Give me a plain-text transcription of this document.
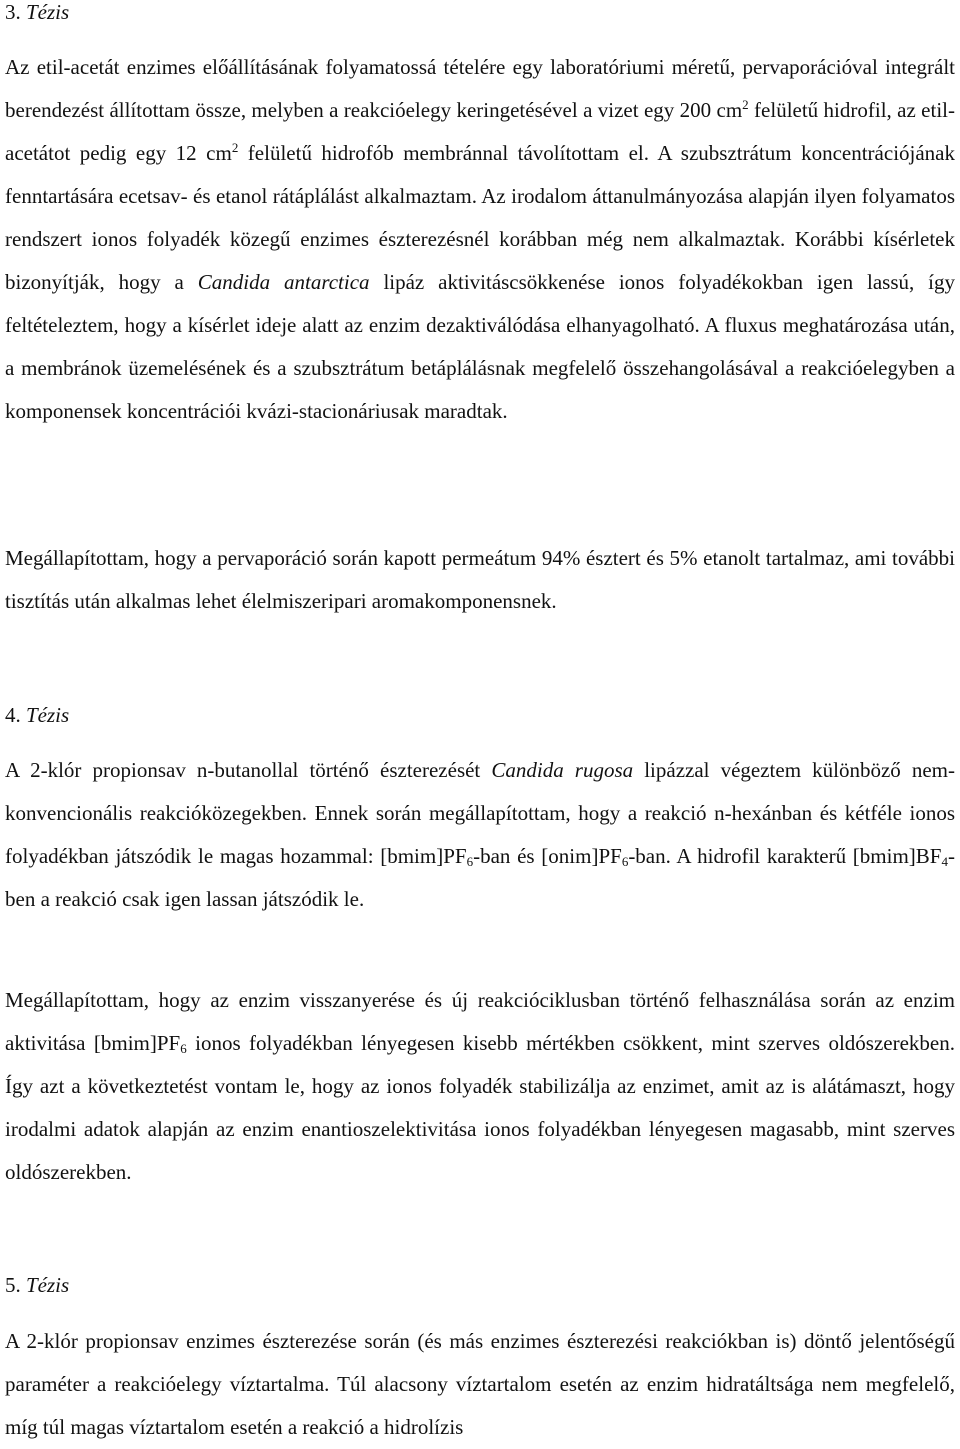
3. Tézis

Az etil-acetát enzimes előállításának folyamatossá tételére egy laboratóriumi méretű, pervaporációval integrált berendezést állítottam össze, melyben a reakcióelegy keringetésével a vizet egy 200 $cm^2$ felületű hidrofil, az etil-acetátot pedig egy 12 $cm^2$ felületű hidrofób membránnal távolítottam el. A szubsztrátum koncentrációjának fenntartására ecetsav- és etanol rátáplálást alkalmaztam. Az irodalom áttanulmányozása alapján ilyen folyamatos rendszert ionos folyadék közegű enzimes észterezésnél korábban még nem alkalmaztak. Korábbi kísérletek bizonyítják, hogy a Candida antarctica lipáz aktivitáscsökkenése ionos folyadékokban igen lassú, így feltételeztem, hogy a kísérlet ideje alatt az enzim dezaktiválódása elhanyagolható. A fluxus meghatározása után, a membránok üzemelésének és a szubsztrátum betáplálásnak megfelelő összehangolásával a reakcióelegyben a komponensek koncentrációi kvázi-stacionáriusak maradtak.

Megállapítottam, hogy a pervaporáció során kapott permeátum 94% észtert és 5% etanolt tartalmaz, ami további tisztítás után alkalmas lehet élelmiszeripari aromakomponensnek.

4. Tézis

A 2-klór propionsav n-butanollal történő észterezését Candida rugosa lipázzal végeztem különböző nem-konvencionális reakcióközegekben. Ennek során megállapítottam, hogy a reakció n-hexánban és kétféle ionos folyadékban játszódik le magas hozammal: $[bmim]PF_6$-ban és $[onim]PF_6$-ban. A hidrofil karakterű $[bmim]BF_4$-ben a reakció csak igen lassan játszódik le.

Megállapítottam, hogy az enzim visszanyerése és új reakcióciklusban történő felhasználása során az enzim aktivitása $[bmim]PF_6$ ionos folyadékban lényegesen kisebb mértékben csökkent, mint szerves oldószerekben. Így azt a következtetést vontam le, hogy az ionos folyadék stabilizálja az enzimet, amit az is alátámaszt, hogy irodalmi adatok alapján az enzim enantioszelektivitása ionos folyadékban lényegesen magasabb, mint szerves oldószerekben.

5. Tézis

A 2-klór propionsav enzimes észterezése során (és más enzimes észterezési reakciókban is) döntő jelentőségű paraméter a reakcióelegy víztartalma. Túl alacsony víztartalom esetén az enzim hidratáltsága nem megfelelő, míg túl magas víztartalom esetén a reakció a hidrolízis
